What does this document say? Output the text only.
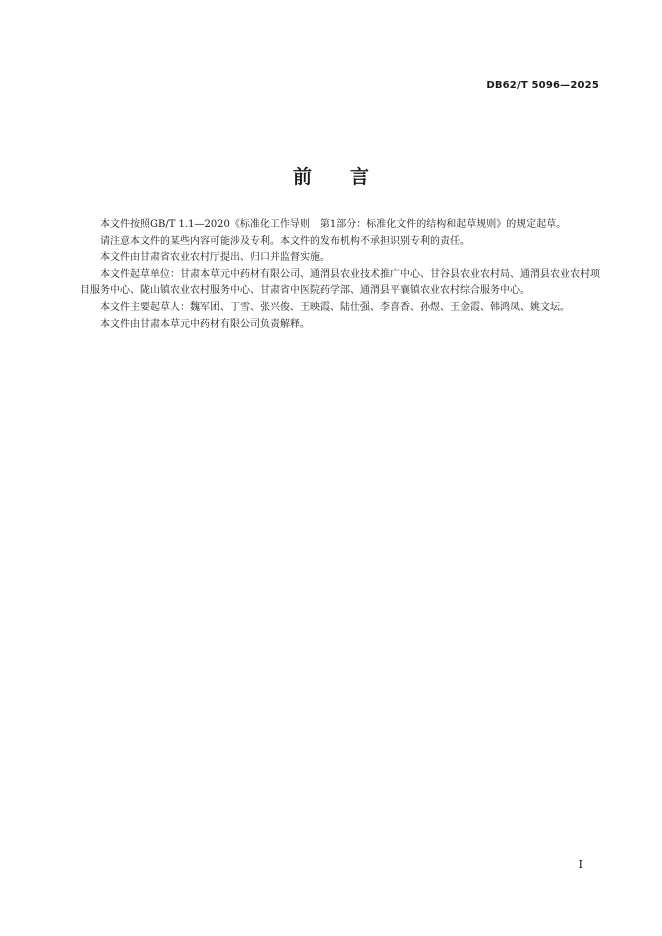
DB62/T 5096—2025
前 言

本文件按照GB/T 1.1—2020《标准化工作导则　第1部分：标准化文件的结构和起草规则》的规定起草。

请注意本文件的某些内容可能涉及专利。本文件的发布机构不承担识别专利的责任。

本文件由甘肃省农业农村厅提出、归口并监督实施。

本文件起草单位：甘肃本草元中药材有限公司、通渭县农业技术推广中心、甘谷县农业农村局、通渭县农业农村项目服务中心、陇山镇农业农村服务中心、甘肃省中医院药学部、通渭县平襄镇农业农村综合服务中心。

本文件主要起草人：魏军团、丁雪、张兴俊、王映霞、陆仕强、李喜香、孙煜、王金霞、韩鸿凤、姚文坛。

本文件由甘肃本草元中药材有限公司负责解释。

I
